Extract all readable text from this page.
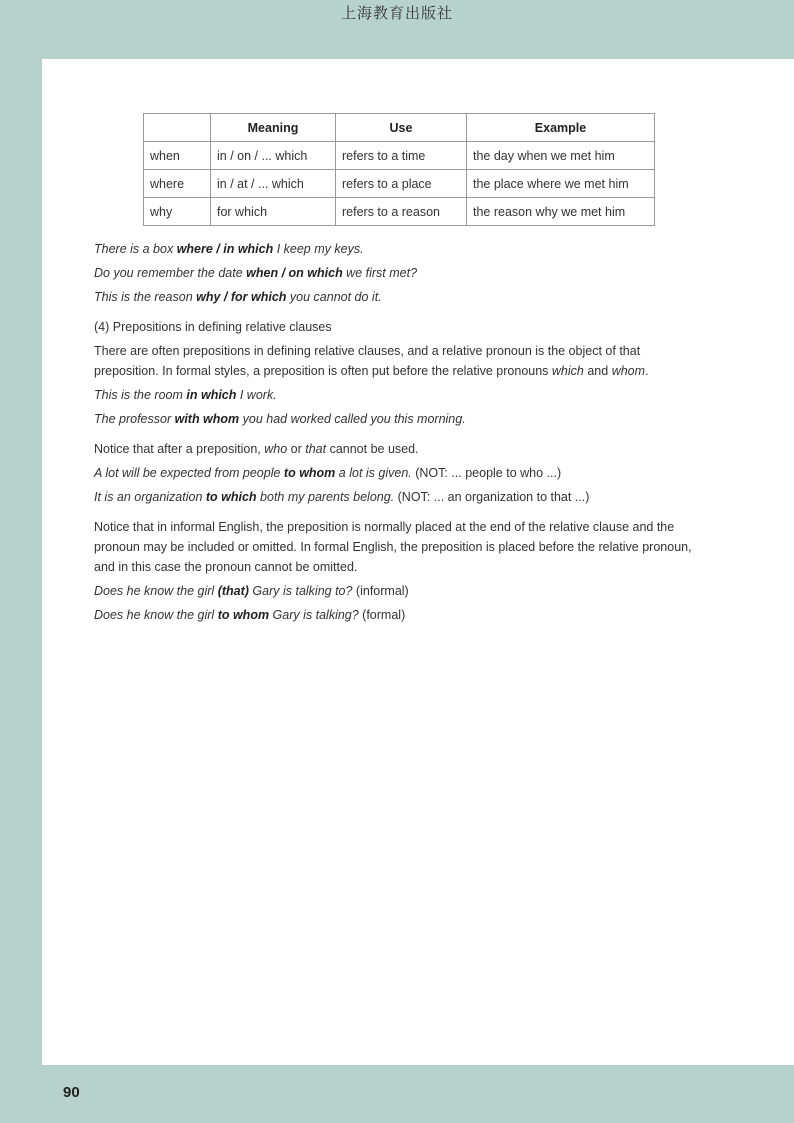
上海教育出版社
	Meaning	Use	Example
when	in / on / ... which	refers to a time	the day when we met him
where	in / at / ... which	refers to a place	the place where we met him
why	for which	refers to a reason	the reason why we met him

There is a box where / in which I keep my keys.

Do you remember the date when / on which we first met?

This is the reason why / for which you cannot do it.

(4) Prepositions in defining relative clauses

There are often prepositions in defining relative clauses, and a relative pronoun is the object of that preposition. In formal styles, a preposition is often put before the relative pronouns which and whom.

This is the room in which I work.

The professor with whom you had worked called you this morning.

Notice that after a preposition, who or that cannot be used.

A lot will be expected from people to whom a lot is given. (NOT: ... people to who ...)

It is an organization to which both my parents belong. (NOT: ... an organization to that ...)

Notice that in informal English, the preposition is normally placed at the end of the relative clause and the pronoun may be included or omitted. In formal English, the preposition is placed before the relative pronoun, and in this case the pronoun cannot be omitted.

Does he know the girl (that) Gary is talking to? (informal)

Does he know the girl to whom Gary is talking? (formal)

90
